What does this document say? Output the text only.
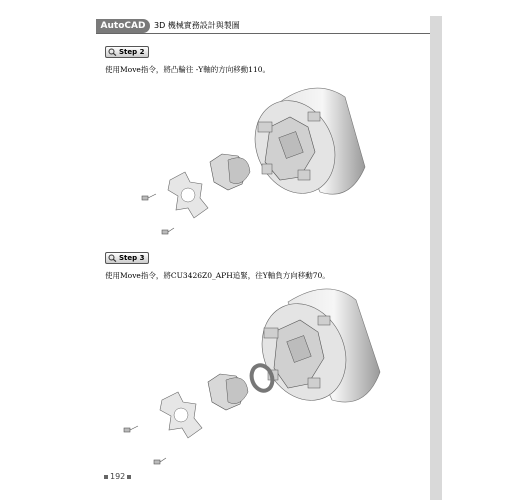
AutoCAD	3D 機械實務設計與製圖
Step 2
使用Move指令，將凸輪往 -Y軸的方向移動110。
Step 3
使用Move指令，將CU3426Z0_APH追緊，往Y軸負方向移動70。
192
